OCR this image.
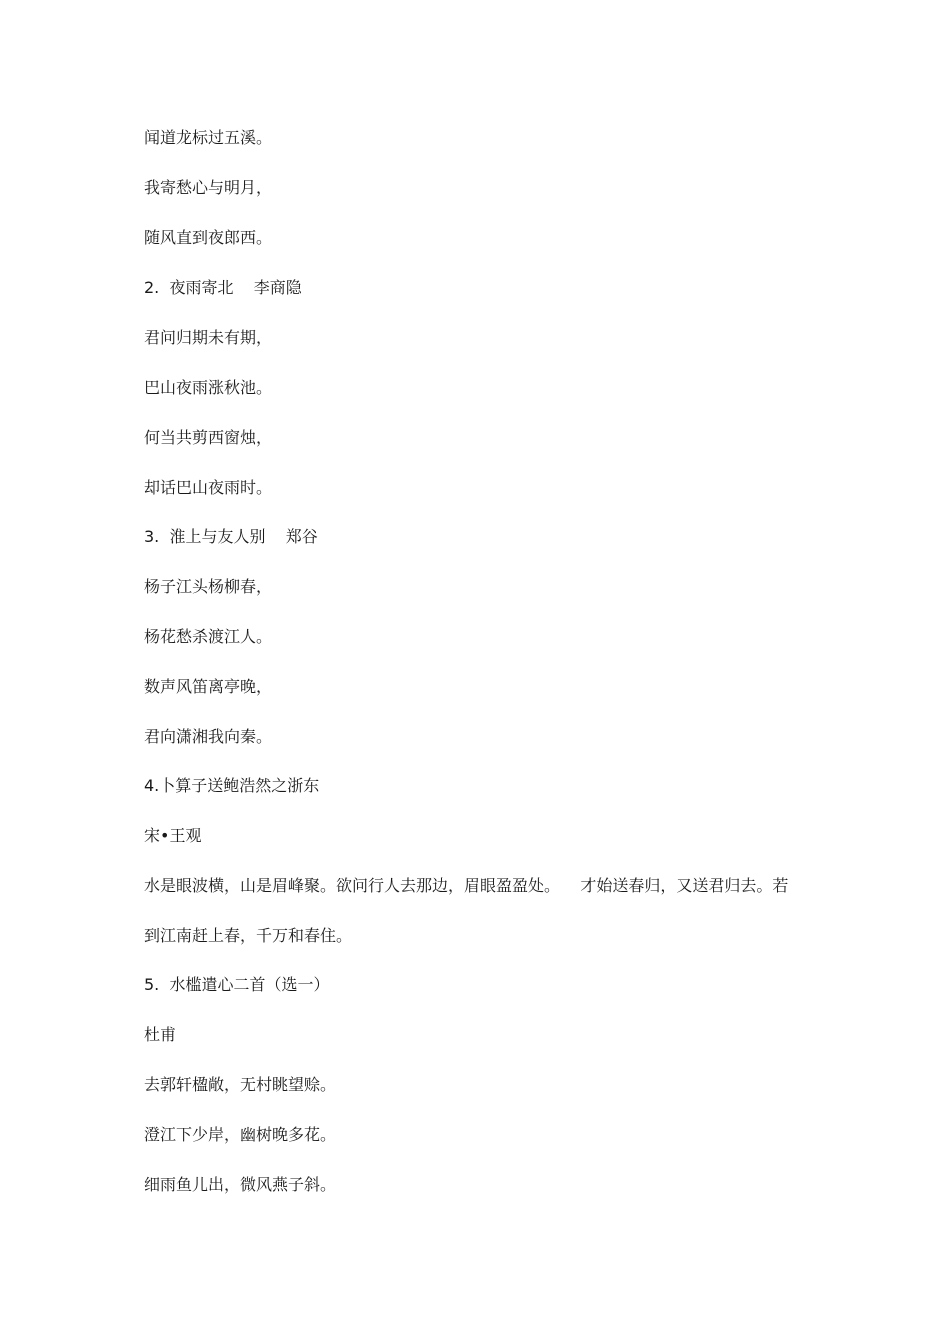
闻道龙标过五溪。
我寄愁心与明月，
随风直到夜郎西。
2.  夜雨寄北    李商隐
君问归期未有期，
巴山夜雨涨秋池。
何当共剪西窗烛，
却话巴山夜雨时。
3.  淮上与友人别    郑谷
杨子江头杨柳春，
杨花愁杀渡江人。
数声风笛离亭晚，
君向潇湘我向秦。
4.卜算子送鲍浩然之浙东
宋•王观
水是眼波横，山是眉峰聚。欲问行人去那边，眉眼盈盈处。    才始送春归，又送君归去。若
到江南赶上春，千万和春住。
5.  水槛遣心二首（选一）
杜甫
去郭轩楹敞，无村眺望赊。
澄江下少岸，幽树晚多花。
细雨鱼儿出，微风燕子斜。
